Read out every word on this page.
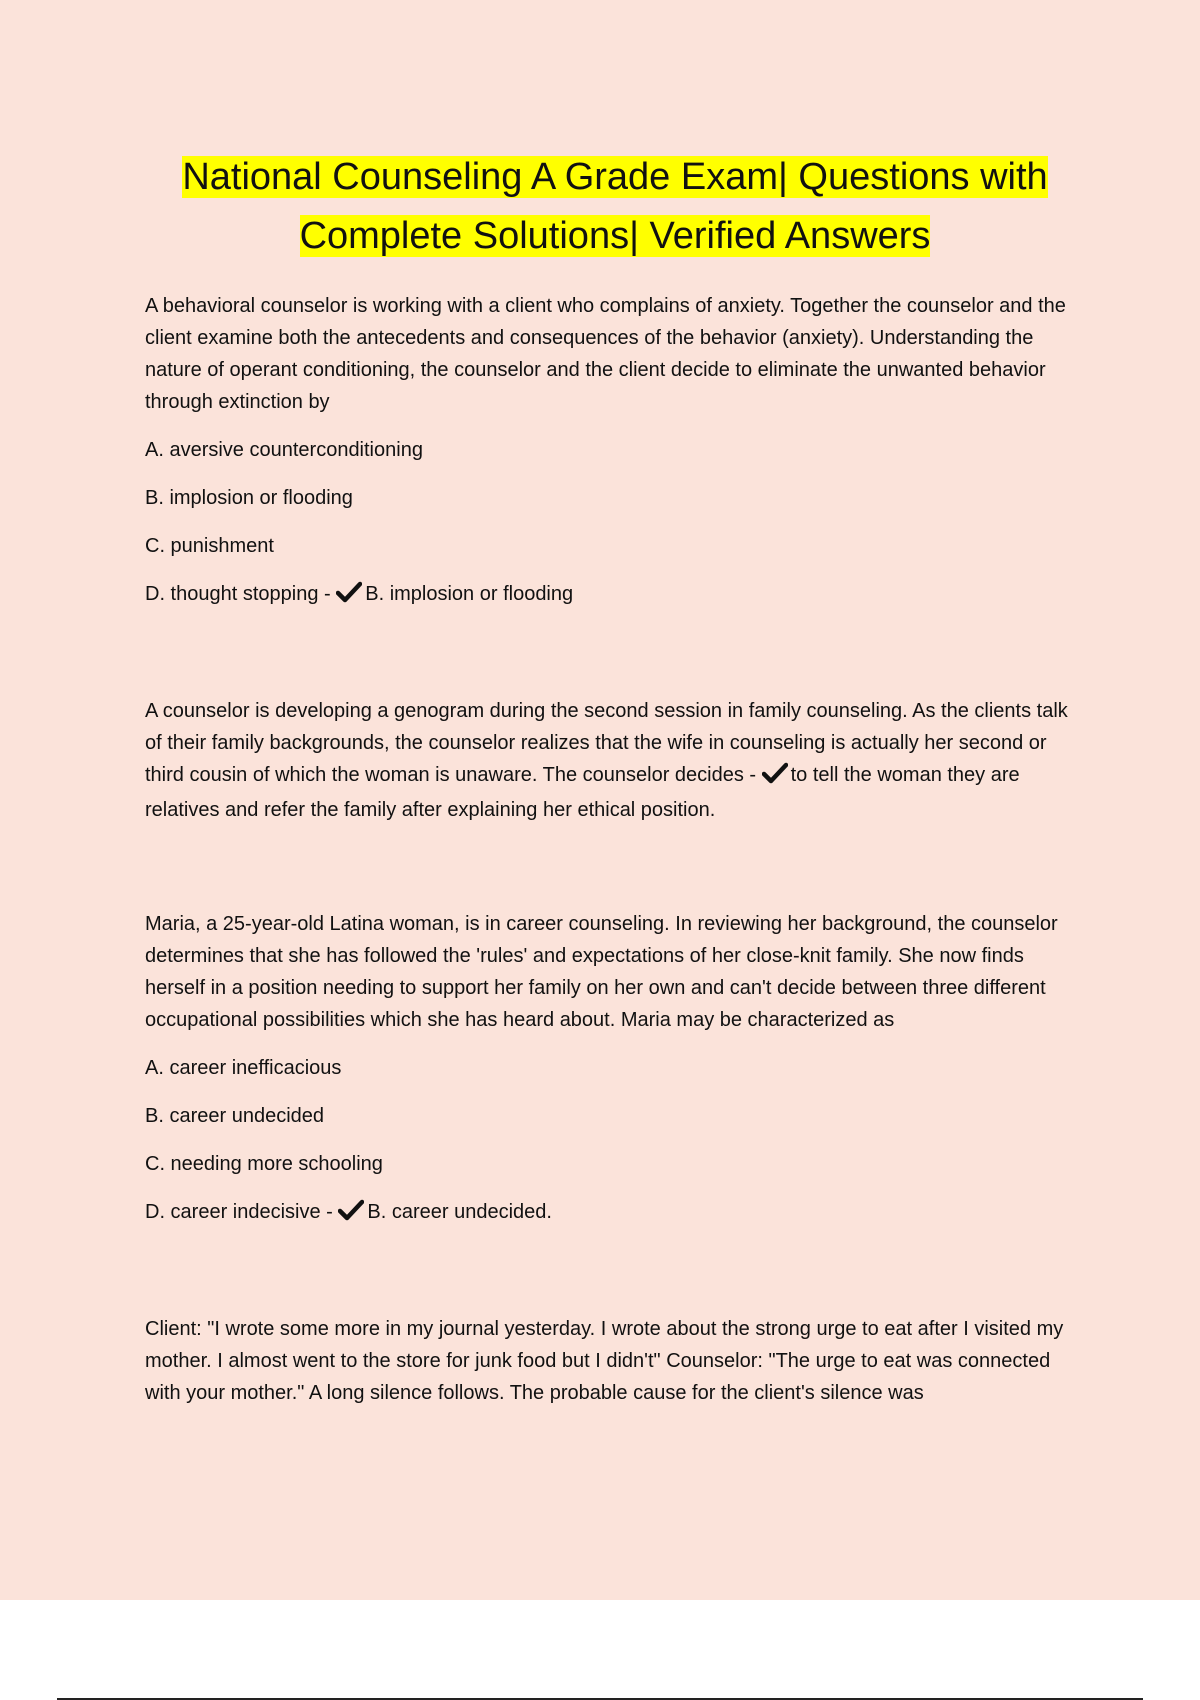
National Counseling A Grade Exam| Questions with
Complete Solutions| Verified Answers

A behavioral counselor is working with a client who complains of anxiety. Together the counselor and the client examine both the antecedents and consequences of the behavior (anxiety). Understanding the nature of operant conditioning, the counselor and the client decide to eliminate the unwanted behavior through extinction by

A. aversive counterconditioning

B. implosion or flooding

C. punishment

D. thought stopping - B. implosion or flooding

A counselor is developing a genogram during the second session in family counseling. As the clients talk of their family backgrounds, the counselor realizes that the wife in counseling is actually her second or third cousin of which the woman is unaware. The counselor decides - to tell the woman they are relatives and refer the family after explaining her ethical position.

Maria, a 25-year-old Latina woman, is in career counseling. In reviewing her background, the counselor determines that she has followed the 'rules' and expectations of her close-knit family. She now finds herself in a position needing to support her family on her own and can't decide between three different occupational possibilities which she has heard about. Maria may be characterized as

A. career inefficacious

B. career undecided

C. needing more schooling

D. career indecisive - B. career undecided.

Client: "I wrote some more in my journal yesterday. I wrote about the strong urge to eat after I visited my mother. I almost went to the store for junk food but I didn't" Counselor: "The urge to eat was connected with your mother." A long silence follows. The probable cause for the client's silence was
